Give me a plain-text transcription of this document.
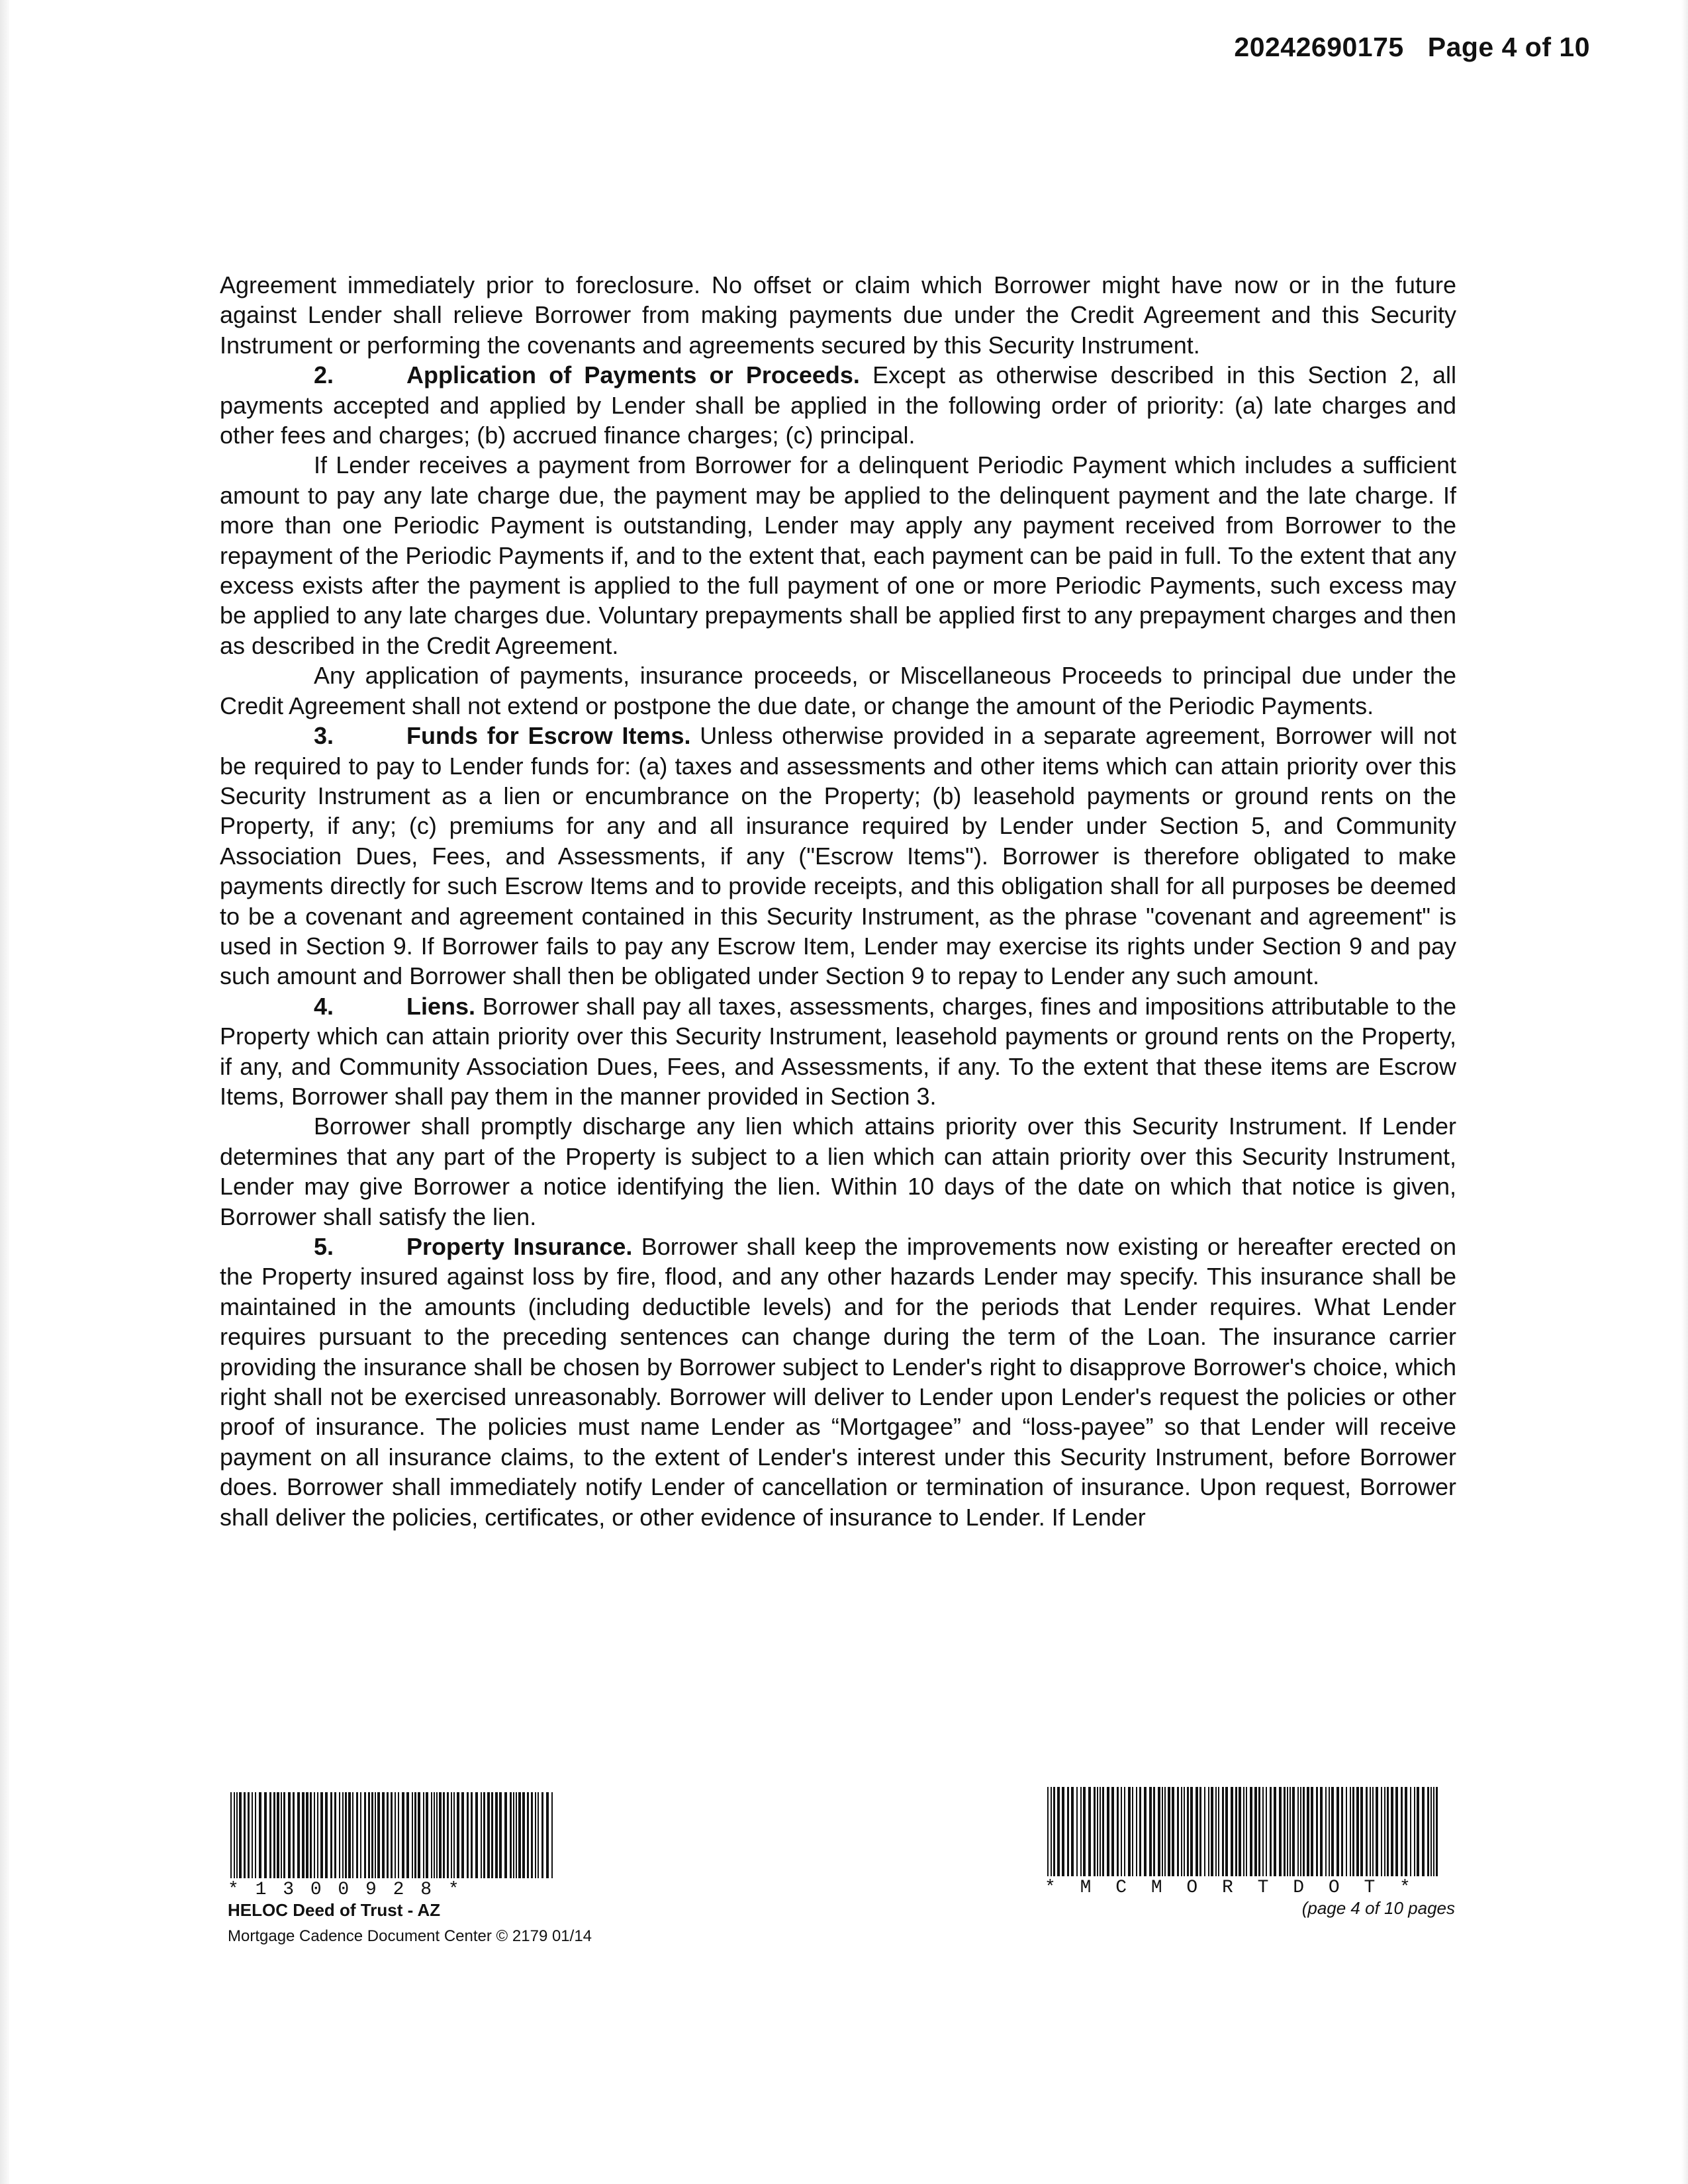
20242690175 Page 4 of 10

Agreement immediately prior to foreclosure. No offset or claim which Borrower might have now or in the future against Lender shall relieve Borrower from making payments due under the Credit Agreement and this Security Instrument or performing the covenants and agreements secured by this Security Instrument.

2.	Application of Payments or Proceeds. Except as otherwise described in this Section 2, all payments accepted and applied by Lender shall be applied in the following order of priority: (a) late charges and other fees and charges; (b) accrued finance charges; (c) principal.

If Lender receives a payment from Borrower for a delinquent Periodic Payment which includes a sufficient amount to pay any late charge due, the payment may be applied to the delinquent payment and the late charge. If more than one Periodic Payment is outstanding, Lender may apply any payment received from Borrower to the repayment of the Periodic Payments if, and to the extent that, each payment can be paid in full. To the extent that any excess exists after the payment is applied to the full payment of one or more Periodic Payments, such excess may be applied to any late charges due. Voluntary prepayments shall be applied first to any prepayment charges and then as described in the Credit Agreement.

Any application of payments, insurance proceeds, or Miscellaneous Proceeds to principal due under the Credit Agreement shall not extend or postpone the due date, or change the amount of the Periodic Payments.

3.	Funds for Escrow Items. Unless otherwise provided in a separate agreement, Borrower will not be required to pay to Lender funds for: (a) taxes and assessments and other items which can attain priority over this Security Instrument as a lien or encumbrance on the Property; (b) leasehold payments or ground rents on the Property, if any; (c) premiums for any and all insurance required by Lender under Section 5, and Community Association Dues, Fees, and Assessments, if any ("Escrow Items"). Borrower is therefore obligated to make payments directly for such Escrow Items and to provide receipts, and this obligation shall for all purposes be deemed to be a covenant and agreement contained in this Security Instrument, as the phrase "covenant and agreement" is used in Section 9. If Borrower fails to pay any Escrow Item, Lender may exercise its rights under Section 9 and pay such amount and Borrower shall then be obligated under Section 9 to repay to Lender any such amount.

4.	Liens. Borrower shall pay all taxes, assessments, charges, fines and impositions attributable to the Property which can attain priority over this Security Instrument, leasehold payments or ground rents on the Property, if any, and Community Association Dues, Fees, and Assessments, if any. To the extent that these items are Escrow Items, Borrower shall pay them in the manner provided in Section 3.

Borrower shall promptly discharge any lien which attains priority over this Security Instrument. If Lender determines that any part of the Property is subject to a lien which can attain priority over this Security Instrument, Lender may give Borrower a notice identifying the lien. Within 10 days of the date on which that notice is given, Borrower shall satisfy the lien.

5.	Property Insurance. Borrower shall keep the improvements now existing or hereafter erected on the Property insured against loss by fire, flood, and any other hazards Lender may specify. This insurance shall be maintained in the amounts (including deductible levels) and for the periods that Lender requires. What Lender requires pursuant to the preceding sentences can change during the term of the Loan. The insurance carrier providing the insurance shall be chosen by Borrower subject to Lender's right to disapprove Borrower's choice, which right shall not be exercised unreasonably. Borrower will deliver to Lender upon Lender's request the policies or other proof of insurance. The policies must name Lender as “Mortgagee” and “loss-payee” so that Lender will receive payment on all insurance claims, to the extent of Lender's interest under this Security Instrument, before Borrower does. Borrower shall immediately notify Lender of cancellation or termination of insurance. Upon request, Borrower shall deliver the policies, certificates, or other evidence of insurance to Lender. If Lender

* 1 3 0 0 9 2 8 *
HELOC Deed of Trust - AZ
Mortgage Cadence Document Center © 2179 01/14
* M C M O R T D O T *
(page 4 of 10 pages
